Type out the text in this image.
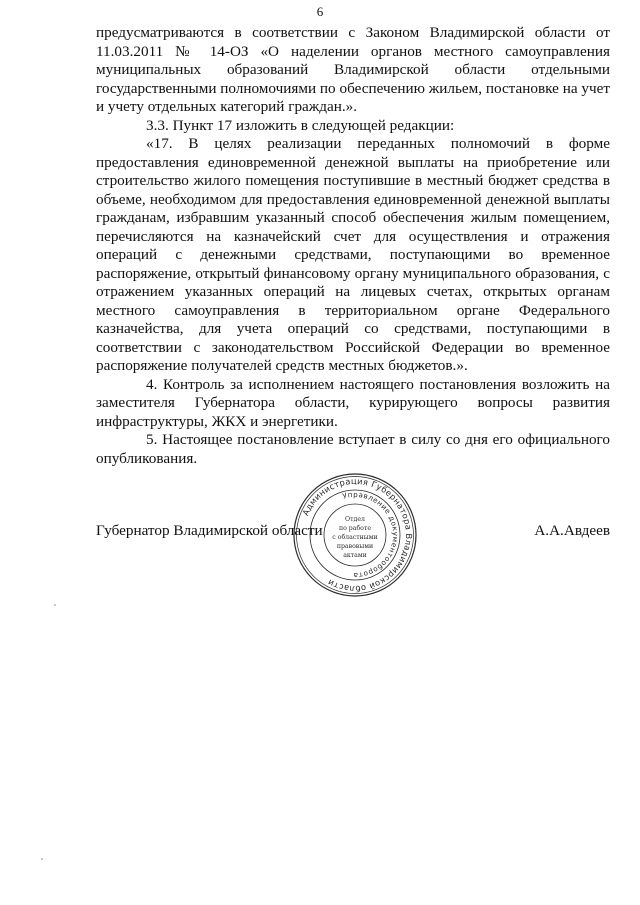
6

предусматриваются в соответствии с Законом Владимирской области от 11.03.2011 № 14-ОЗ «О наделении органов местного самоуправления муниципальных образований Владимирской области отдельными государственными полномочиями по обеспечению жильем, постановке на учет и учету отдельных категорий граждан.».

3.3. Пункт 17 изложить в следующей редакции:

«17. В целях реализации переданных полномочий в форме предоставления единовременной денежной выплаты на приобретение или строительство жилого помещения поступившие в местный бюджет средства в объеме, необходимом для предоставления единовременной денежной выплаты гражданам, избравшим указанный способ обеспечения жилым помещением, перечисляются на казначейский счет для осуществления и отражения операций с денежными средствами, поступающими во временное распоряжение, открытый финансовому органу муниципального образования, с отражением указанных операций на лицевых счетах, открытых органам местного самоуправления в территориальном органе Федерального казначейства, для учета операций со средствами, поступающими в соответствии с законодательством Российской Федерации во временное распоряжение получателей средств местных бюджетов.».

4. Контроль за исполнением настоящего постановления возложить на заместителя Губернатора области, курирующего вопросы развития инфраструктуры, ЖКХ и энергетики.

5. Настоящее постановление вступает в силу со дня его официального опубликования.

Губернатор Владимирской области	А.А.Авдеев
Администрация Губернатора Владимирской области
Управление документооборота
Отдел
по работе
с областными
правовыми
актами
